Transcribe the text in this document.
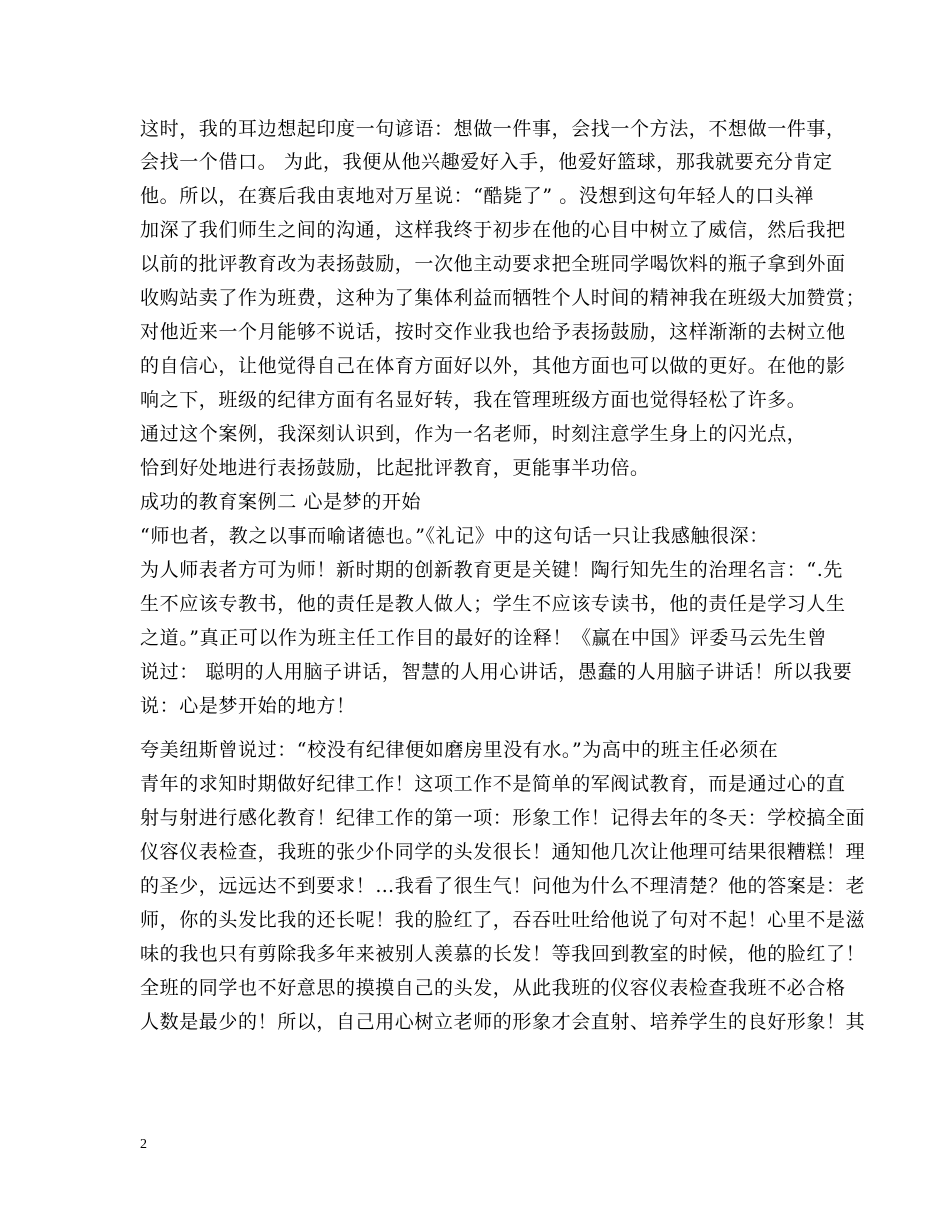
这时，我的耳边想起印度一句谚语：想做一件事，会找一个方法，不想做一件事，
会找一个借口。 为此，我便从他兴趣爱好入手，他爱好篮球，那我就要充分肯定
他。所以，在赛后我由衷地对万星说：“酷毙了” 。没想到这句年轻人的口头禅
加深了我们师生之间的沟通，这样我终于初步在他的心目中树立了威信，然后我把
以前的批评教育改为表扬鼓励，一次他主动要求把全班同学喝饮料的瓶子拿到外面
收购站卖了作为班费，这种为了集体利益而牺牲个人时间的精神我在班级大加赞赏；
对他近来一个月能够不说话，按时交作业我也给予表扬鼓励，这样渐渐的去树立他
的自信心，让他觉得自己在体育方面好以外，其他方面也可以做的更好。在他的影
响之下，班级的纪律方面有名显好转，我在管理班级方面也觉得轻松了许多。
通过这个案例，我深刻认识到，作为一名老师，时刻注意学生身上的闪光点，
恰到好处地进行表扬鼓励，比起批评教育，更能事半功倍。
成功的教育案例二 心是梦的开始
“师也者，教之以事而喻诸德也。”《礼记》中的这句话一只让我感触很深：
为人师表者方可为师！新时期的创新教育更是关键！陶行知先生的治理名言：“.先
生不应该专教书，他的责任是教人做人；学生不应该专读书，他的责任是学习人生
之道。”真正可以作为班主任工作目的最好的诠释！《赢在中国》评委马云先生曾
说过： 聪明的人用脑子讲话，智慧的人用心讲话，愚蠢的人用脑子讲话！所以我要
说：心是梦开始的地方！
夸美纽斯曾说过：“校没有纪律便如磨房里没有水。”为高中的班主任必须在
青年的求知时期做好纪律工作！这项工作不是简单的军阀试教育，而是通过心的直
射与射进行感化教育！纪律工作的第一项：形象工作！记得去年的冬天：学校搞全面
仪容仪表检查，我班的张少仆同学的头发很长！通知他几次让他理可结果很糟糕！理
的圣少，远远达不到要求！…我看了很生气！问他为什么不理清楚？他的答案是：老
师，你的头发比我的还长呢！我的脸红了，吞吞吐吐给他说了句对不起！心里不是滋
味的我也只有剪除我多年来被别人羡慕的长发！等我回到教室的时候，他的脸红了！
全班的同学也不好意思的摸摸自己的头发，从此我班的仪容仪表检查我班不必合格
人数是最少的！所以，自己用心树立老师的形象才会直射、培养学生的良好形象！其
2
